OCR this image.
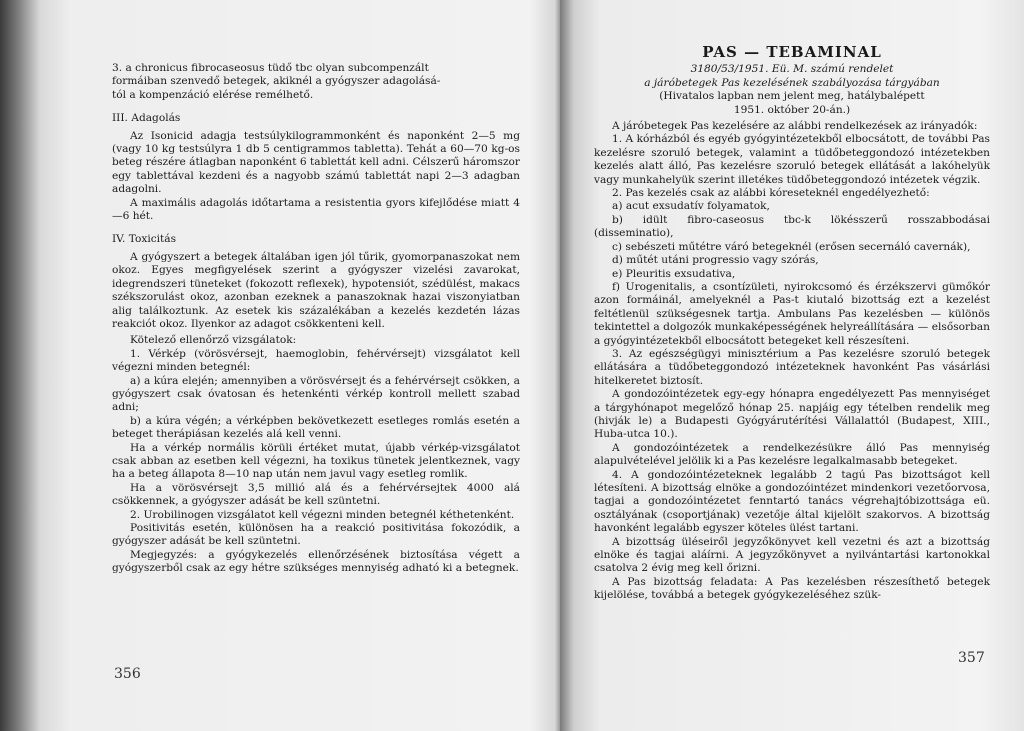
3. a chronicus fibrocaseosus tüdő tbc olyan subcompenzált

formáiban szenvedő betegek, akiknél a gyógyszer adagolásá-

tól a kompenzáció elérése remélhető.

III. Adagolás

Az Isonicid adagja testsúlykilogrammonként és naponként 2—5 mg (vagy 10 kg testsúlyra 1 db 5 centigrammos tabletta). Tehát a 60—70 kg-os beteg részére átlagban naponként 6 tablettát kell adni. Célszerű háromszor egy tablettával kezdeni és a nagyobb számú tablettát napi 2—3 adagban adagolni.

A maximális adagolás időtartama a resistentia gyors kifejlődése miatt 4—6 hét.

IV. Toxicitás

A gyógyszert a betegek általában igen jól tűrik, gyomorpanaszokat nem okoz. Egyes megfigyelések szerint a gyógyszer vizelési zavarokat, idegrendszeri tüneteket (fokozott reflexek), hypotensiót, szédülést, makacs székszorulást okoz, azonban ezeknek a panaszoknak hazai viszonyiatban alig találkoztunk. Az esetek kis százalékában a kezelés kezdetén lázas reakciót okoz. Ilyenkor az adagot csökkenteni kell.

Kötelező ellenőrző vizsgálatok:

1. Vérkép (vörösvérsejt, haemoglobin, fehérvérsejt) vizsgálatot kell végezni minden betegnél:

a) a kúra elején; amennyiben a vörösvérsejt és a fehérvérsejt csökken, a gyógyszert csak óvatosan és hetenkénti vérkép kontroll mellett szabad adni;

b) a kúra végén; a vérképben bekövetkezett esetleges romlás esetén a beteget therápiásan kezelés alá kell venni.

Ha a vérkép normális körüli értéket mutat, újabb vérkép-vizsgálatot csak abban az esetben kell végezni, ha toxikus tünetek jelentkeznek, vagy ha a beteg állapota 8—10 nap után nem javul vagy esetleg romlik.

Ha a vörösvérsejt 3,5 millió alá és a fehérvérsejtek 4000 alá csökkennek, a gyógyszer adását be kell szüntetni.

2. Urobilinogen vizsgálatot kell végezni minden betegnél kéthetenként.

Positivitás esetén, különösen ha a reakció positivitása fokozódik, a gyógyszer adását be kell szüntetni.

Megjegyzés: a gyógykezelés ellenőrzésének biztosítása végett a gyógyszerből csak az egy hétre szükséges mennyiség adható ki a betegnek.

356

PAS — TEBAMINAL

3180/53/1951. Eü. M. számú rendelet

a járóbetegek Pas kezelésének szabályozása tárgyában

(Hivatalos lapban nem jelent meg, hatálybalépett

1951. október 20-án.)

A járóbetegek Pas kezelésére az alábbi rendelkezések az irányadók:

1. A kórházból és egyéb gyógyintézetekből elbocsátott, de további Pas kezelésre szoruló betegek, valamint a tüdőbeteggondozó intézetekben kezelés alatt álló, Pas kezelésre szoruló betegek ellátását a lakóhelyük vagy munkahelyük szerint illetékes tüdőbeteggondozó intézetek végzik.

2. Pas kezelés csak az alábbi kóreseteknél engedélyezhető:

a) acut exsudatív folyamatok,

b) idült fibro-caseosus tbc-k lökésszerű rosszabbodásai (disseminatio),

c) sebészeti műtétre váró betegeknél (erősen secernáló cavernák),

d) műtét utáni progressio vagy szórás,

e) Pleuritis exsudativa,

f) Urogenitalis, a csontízületi, nyirokcsomó és érzékszervi gümőkór azon formáinál, amelyeknél a Pas-t kiutaló bizottság ezt a kezelést feltétlenül szükségesnek tartja. Ambulans Pas kezelésben — különös tekintettel a dolgozók munkaképességének helyreállítására — elsősorban a gyógyintézetekből elbocsátott betegeket kell részesíteni.

3. Az egészségügyi minisztérium a Pas kezelésre szoruló betegek ellátására a tüdőbeteggondozó intézeteknek havonként Pas vásárlási hitelkeretet biztosít.

A gondozóintézetek egy-egy hónapra engedélyezett Pas mennyiséget a tárgyhónapot megelőző hónap 25. napjáig egy tételben rendelik meg (hivják le) a Budapesti Gyógyárutérítési Vállalattól (Budapest, XIII., Huba-utca 10.).

A gondozóintézetek a rendelkezésükre álló Pas mennyiség alapulvételével jelölik ki a Pas kezelésre legalkalmasabb betegeket.

4. A gondozóintézeteknek legalább 2 tagú Pas bizottságot kell létesíteni. A bizottság elnöke a gondozóintézet mindenkori vezetőorvosa, tagjai a gondozóintézetet fenntartó tanács végrehajtóbizottsága eü. osztályának (csoportjának) vezetője által kijelölt szakorvos. A bizottság havonként legalább egyszer köteles ülést tartani.

A bizottság üléseiről jegyzőkönyvet kell vezetni és azt a bizottság elnöke és tagjai aláírni. A jegyzőkönyvet a nyilvántartási kartonokkal csatolva 2 évig meg kell őrizni.

A Pas bizottság feladata: A Pas kezelésben részesíthető betegek kijelölése, továbbá a betegek gyógykezeléséhez szük-

357
